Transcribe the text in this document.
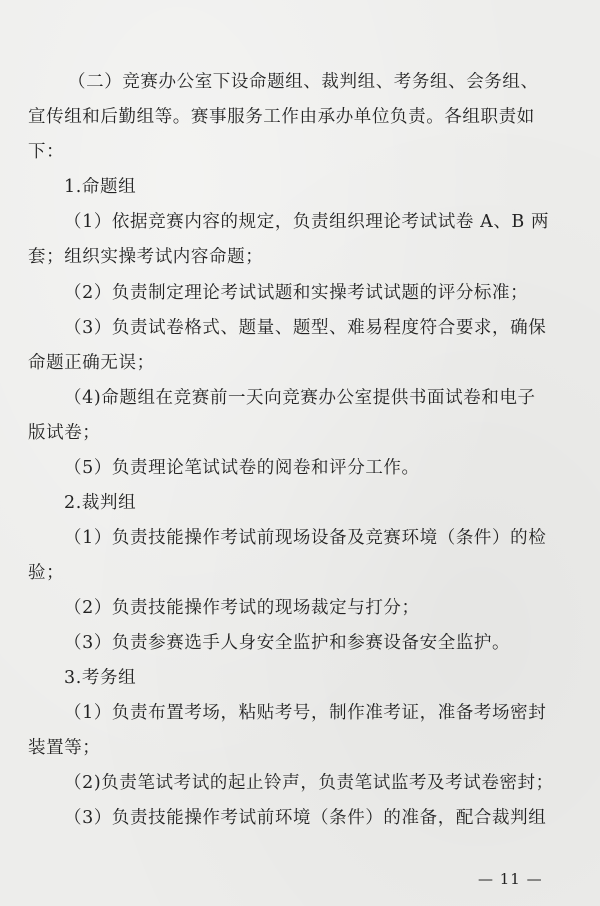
（二）竞赛办公室下设命题组、裁判组、考务组、会务组、
宣传组和后勤组等。赛事服务工作由承办单位负责。各组职责如
下：
1.命题组
（1）依据竞赛内容的规定，负责组织理论考试试卷 A、B 两
套；组织实操考试内容命题；
（2）负责制定理论考试试题和实操考试试题的评分标准；
（3）负责试卷格式、题量、题型、难易程度符合要求，确保
命题正确无误；
（4)命题组在竞赛前一天向竞赛办公室提供书面试卷和电子
版试卷；
（5）负责理论笔试试卷的阅卷和评分工作。
2.裁判组
（1）负责技能操作考试前现场设备及竞赛环境（条件）的检
验；
（2）负责技能操作考试的现场裁定与打分；
（3）负责参赛选手人身安全监护和参赛设备安全监护。
3.考务组
（1）负责布置考场，粘贴考号，制作准考证，准备考场密封
装置等；
（2)负责笔试考试的起止铃声，负责笔试监考及考试卷密封；
（3）负责技能操作考试前环境（条件）的准备，配合裁判组
— 11 —
